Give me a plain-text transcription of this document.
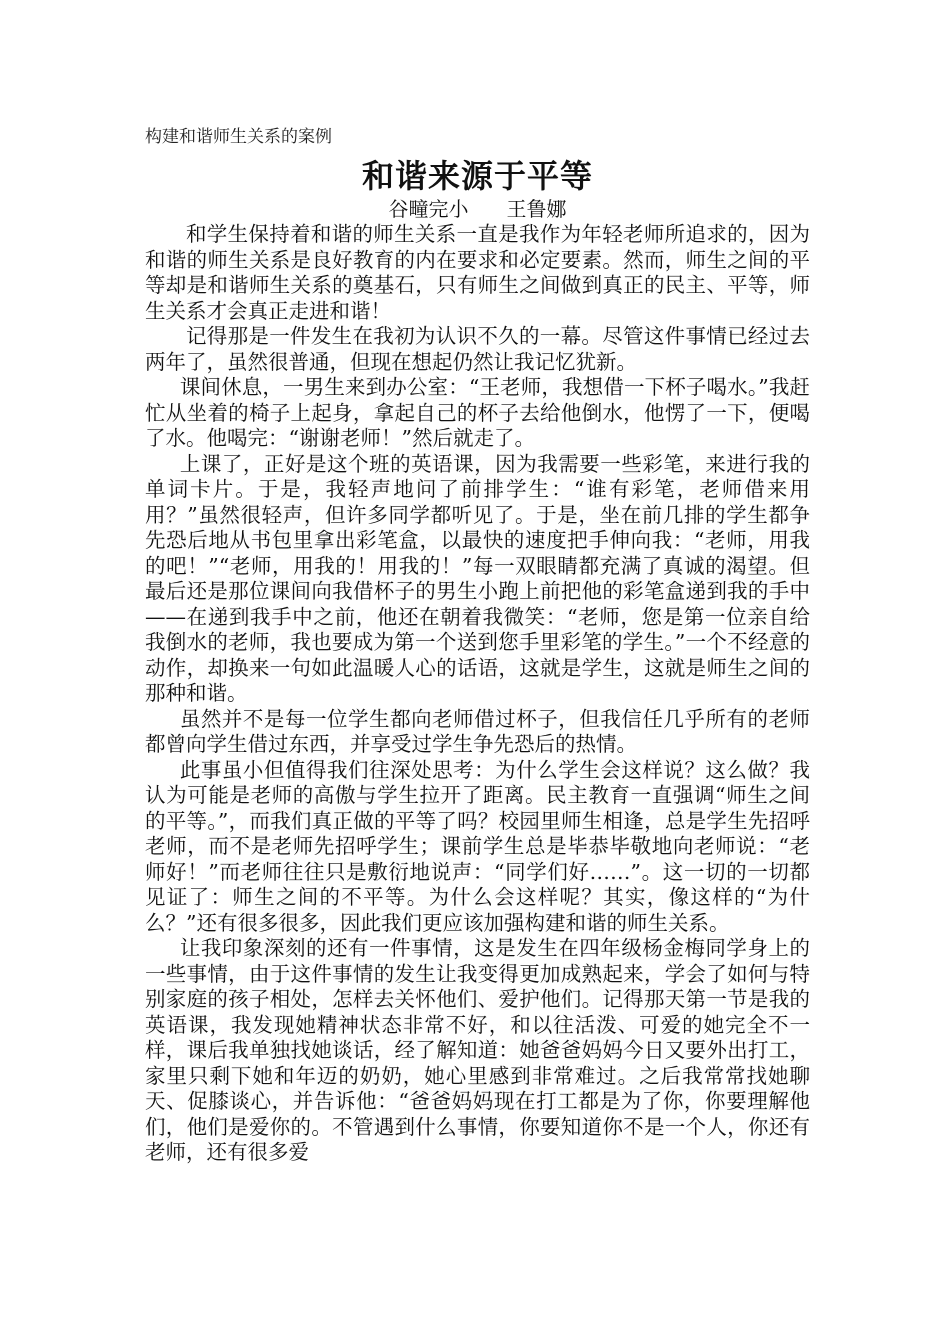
构建和谐师生关系的案例

和谐来源于平等

谷疃完小 王鲁娜

和学生保持着和谐的师生关系一直是我作为年轻老师所追求的，因为和谐的师生关系是良好教育的内在要求和必定要素。然而，师生之间的平等却是和谐师生关系的奠基石，只有师生之间做到真正的民主、平等，师生关系才会真正走进和谐！

记得那是一件发生在我初为认识不久的一幕。尽管这件事情已经过去两年了，虽然很普通，但现在想起仍然让我记忆犹新。

课间休息，一男生来到办公室：“王老师，我想借一下杯子喝水。”我赶忙从坐着的椅子上起身，拿起自己的杯子去给他倒水，他愣了一下，便喝了水。他喝完：“谢谢老师！”然后就走了。

上课了，正好是这个班的英语课，因为我需要一些彩笔，来进行我的单词卡片。于是，我轻声地问了前排学生：“谁有彩笔，老师借来用用？”虽然很轻声，但许多同学都听见了。于是，坐在前几排的学生都争先恐后地从书包里拿出彩笔盒，以最快的速度把手伸向我：“老师，用我的吧！”“老师，用我的！用我的！”每一双眼睛都充满了真诚的渴望。但最后还是那位课间向我借杯子的男生小跑上前把他的彩笔盒递到我的手中——在递到我手中之前，他还在朝着我微笑：“老师，您是第一位亲自给我倒水的老师，我也要成为第一个送到您手里彩笔的学生。”一个不经意的动作，却换来一句如此温暖人心的话语，这就是学生，这就是师生之间的那种和谐。

虽然并不是每一位学生都向老师借过杯子，但我信任几乎所有的老师都曾向学生借过东西，并享受过学生争先恐后的热情。

此事虽小但值得我们往深处思考：为什么学生会这样说？这么做？我认为可能是老师的高傲与学生拉开了距离。民主教育一直强调“师生之间的平等。”，而我们真正做的平等了吗？校园里师生相逢，总是学生先招呼老师，而不是老师先招呼学生；课前学生总是毕恭毕敬地向老师说：“老师好！”而老师往往只是敷衍地说声：“同学们好……”。这一切的一切都见证了：师生之间的不平等。为什么会这样呢？其实，像这样的“为什么？”还有很多很多，因此我们更应该加强构建和谐的师生关系。

让我印象深刻的还有一件事情，这是发生在四年级杨金梅同学身上的一些事情，由于这件事情的发生让我变得更加成熟起来，学会了如何与特别家庭的孩子相处，怎样去关怀他们、爱护他们。记得那天第一节是我的英语课，我发现她精神状态非常不好，和以往活泼、可爱的她完全不一样，课后我单独找她谈话，经了解知道：她爸爸妈妈今日又要外出打工，家里只剩下她和年迈的奶奶，她心里感到非常难过。之后我常常找她聊天、促膝谈心，并告诉他：“爸爸妈妈现在打工都是为了你，你要理解他们，他们是爱你的。不管遇到什么事情，你要知道你不是一个人，你还有老师，还有很多爱
